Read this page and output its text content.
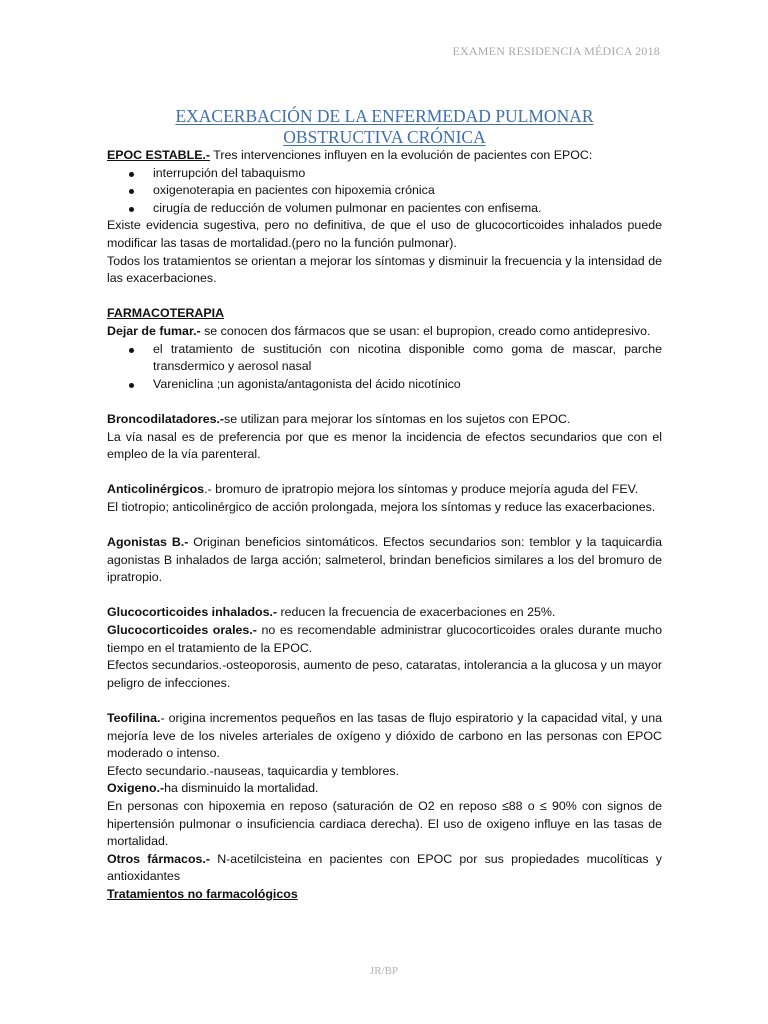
EXAMEN RESIDENCIA MÉDICA 2018
EXACERBACIÓN DE LA ENFERMEDAD PULMONAR
OBSTRUCTIVA CRÓNICA

EPOC ESTABLE.- Tres intervenciones influyen en la evolución de pacientes con EPOC:

interrupción del tabaquismo
oxigenoterapia en pacientes con hipoxemia crónica
cirugía de reducción de volumen pulmonar en pacientes con enfisema.

Existe evidencia sugestiva, pero no definitiva, de que el uso de glucocorticoides inhalados puede modificar las tasas de mortalidad.(pero no la función pulmonar).

Todos los tratamientos se orientan a mejorar los síntomas y disminuir la frecuencia y la intensidad de las exacerbaciones.

FARMACOTERAPIA

Dejar de fumar.- se conocen dos fármacos que se usan: el bupropion, creado como antidepresivo.

el tratamiento de sustitución con nicotina disponible como goma de mascar, parche transdermico y aerosol nasal
Vareniclina ;un agonista/antagonista del ácido nicotínico

Broncodilatadores.-se utilizan para mejorar los síntomas en los sujetos con EPOC.

La vía nasal es de preferencia por que es menor la incidencia de efectos secundarios que con el empleo de la vía parenteral.

Anticolinérgicos.- bromuro de ipratropio mejora los síntomas y produce mejoría aguda del FEV.

El tiotropio; anticolinérgico de acción prolongada, mejora los síntomas y reduce las exacerbaciones.

Agonistas B.- Originan beneficios sintomáticos. Efectos secundarios son: temblor y la taquicardia agonistas B inhalados de larga acción; salmeterol, brindan beneficios similares a los del bromuro de ipratropio.

Glucocorticoides inhalados.- reducen la frecuencia de exacerbaciones en 25%.

Glucocorticoides orales.- no es recomendable administrar glucocorticoides orales durante mucho tiempo en el tratamiento de la EPOC.

Efectos secundarios.-osteoporosis, aumento de peso, cataratas, intolerancia a la glucosa y un mayor peligro de infecciones.

Teofilina.- origina incrementos pequeños en las tasas de flujo espiratorio y la capacidad vital, y una mejoría leve de los niveles arteriales de oxígeno y dióxido de carbono en las personas con EPOC moderado o intenso.

Efecto secundario.-nauseas, taquicardia y temblores.

Oxigeno.-ha disminuido la mortalidad.

En personas con hipoxemia en reposo (saturación de O2 en reposo ≤88 o ≤ 90% con signos de hipertensión pulmonar o insuficiencia cardiaca derecha). El uso de oxigeno influye en las tasas de mortalidad.

Otros fármacos.- N-acetilcisteina en pacientes con EPOC por sus propiedades mucolíticas y antioxidantes

Tratamientos no farmacológicos

JR/BP
